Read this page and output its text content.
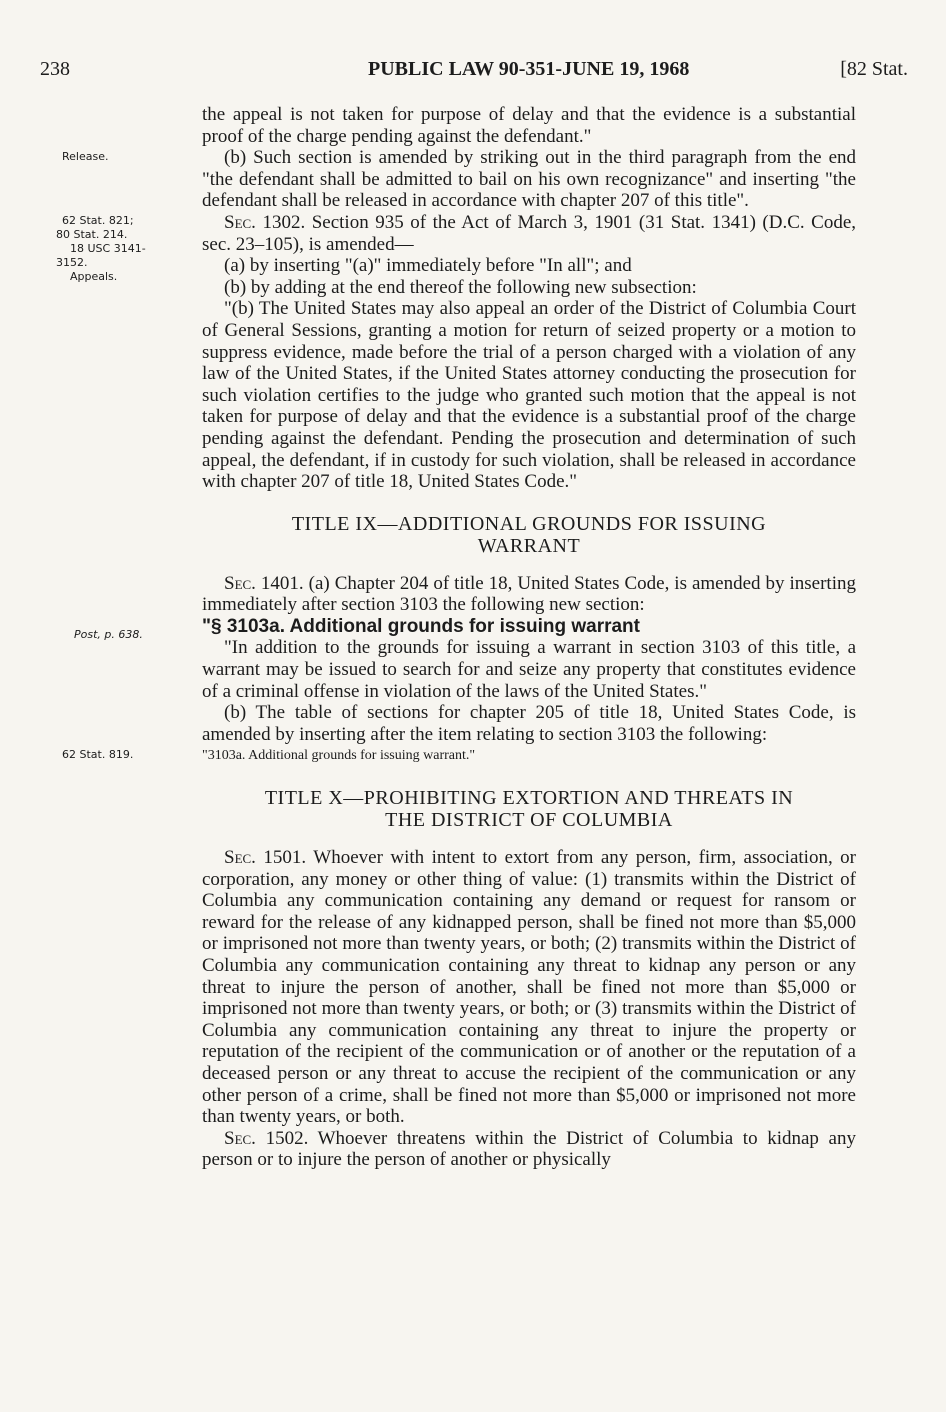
238	PUBLIC LAW 90-351-JUNE 19, 1968	[82 Stat.
Release.
62 Stat. 821;
80 Stat. 214.
18 USC 3141-
3152.
Appeals.
Post, p. 638.
62 Stat. 819.

the appeal is not taken for purpose of delay and that the evidence is a substantial proof of the charge pending against the defendant."

(b) Such section is amended by striking out in the third paragraph from the end "the defendant shall be admitted to bail on his own recognizance" and inserting "the defendant shall be released in accordance with chapter 207 of this title".

Sec. 1302. Section 935 of the Act of March 3, 1901 (31 Stat. 1341) (D.C. Code, sec. 23–105), is amended—

(a) by inserting "(a)" immediately before "In all"; and

(b) by adding at the end thereof the following new subsection:

"(b) The United States may also appeal an order of the District of Columbia Court of General Sessions, granting a motion for return of seized property or a motion to suppress evidence, made before the trial of a person charged with a violation of any law of the United States, if the United States attorney conducting the prosecution for such violation certifies to the judge who granted such motion that the appeal is not taken for purpose of delay and that the evidence is a substantial proof of the charge pending against the defendant. Pending the prosecution and determination of such appeal, the defendant, if in custody for such violation, shall be released in accordance with chapter 207 of title 18, United States Code."

TITLE IX—ADDITIONAL GROUNDS FOR ISSUING
WARRANT

Sec. 1401. (a) Chapter 204 of title 18, United States Code, is amended by inserting immediately after section 3103 the following new section:

"§ 3103a. Additional grounds for issuing warrant

"In addition to the grounds for issuing a warrant in section 3103 of this title, a warrant may be issued to search for and seize any property that constitutes evidence of a criminal offense in violation of the laws of the United States."

(b) The table of sections for chapter 205 of title 18, United States Code, is amended by inserting after the item relating to section 3103 the following:

"3103a. Additional grounds for issuing warrant."

TITLE X—PROHIBITING EXTORTION AND THREATS IN
THE DISTRICT OF COLUMBIA

Sec. 1501. Whoever with intent to extort from any person, firm, association, or corporation, any money or other thing of value: (1) transmits within the District of Columbia any communication containing any demand or request for ransom or reward for the release of any kidnapped person, shall be fined not more than $5,000 or imprisoned not more than twenty years, or both; (2) transmits within the District of Columbia any communication containing any threat to kidnap any person or any threat to injure the person of another, shall be fined not more than $5,000 or imprisoned not more than twenty years, or both; or (3) transmits within the District of Columbia any communication containing any threat to injure the property or reputation of the recipient of the communication or of another or the reputation of a deceased person or any threat to accuse the recipient of the communication or any other person of a crime, shall be fined not more than $5,000 or imprisoned not more than twenty years, or both.

Sec. 1502. Whoever threatens within the District of Columbia to kidnap any person or to injure the person of another or physically
